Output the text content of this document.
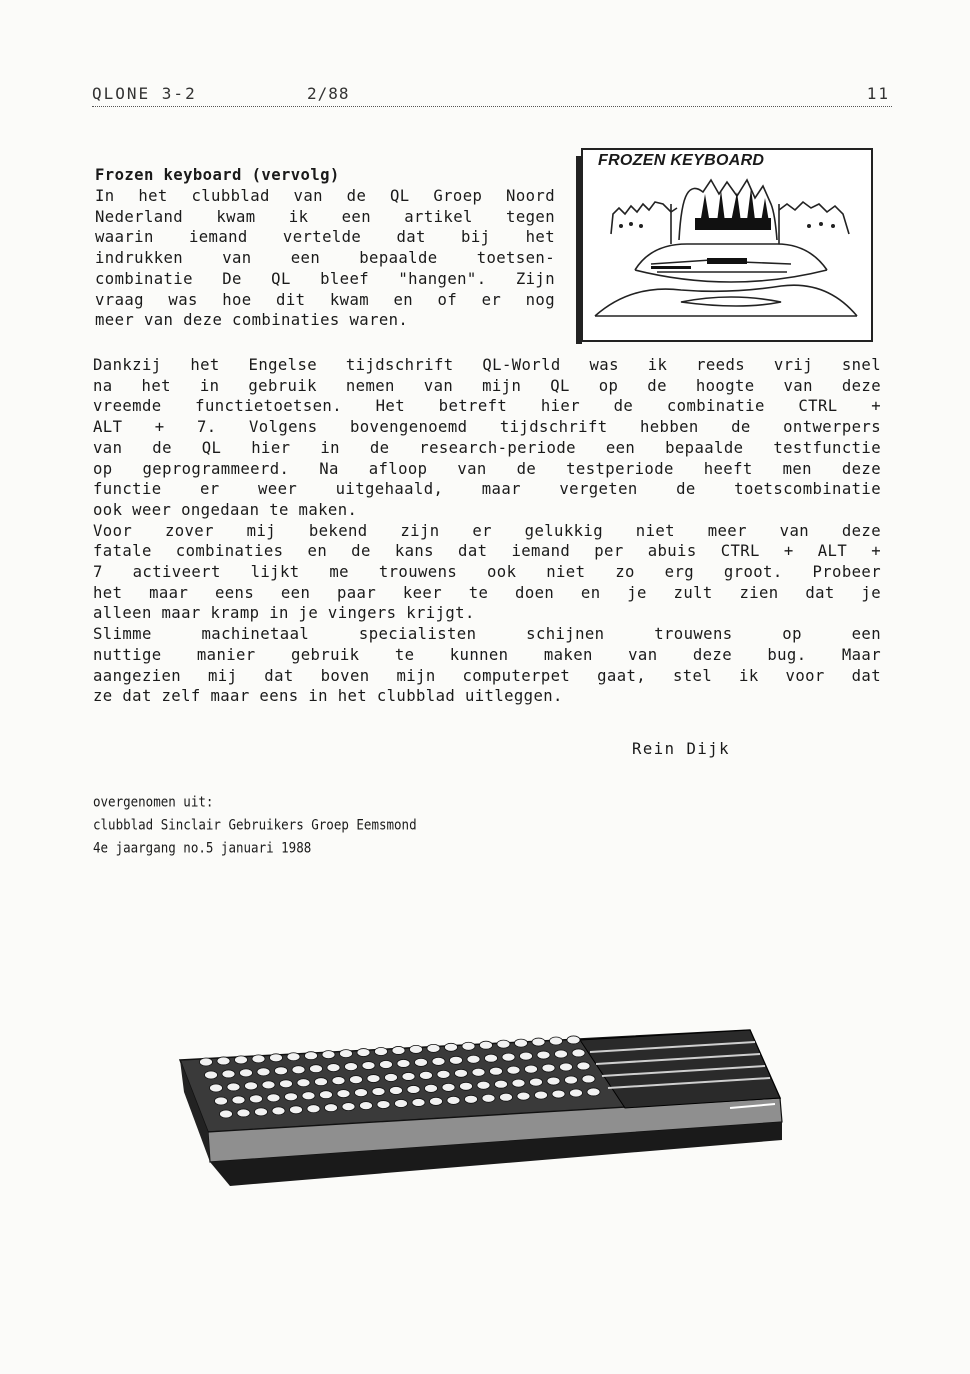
QLONE 3-2	2/88	11
Frozen keyboard (vervolg)

In het clubblad van de QL Groep Noord

Nederland kwam ik een artikel tegen

waarin iemand vertelde dat bij het

indrukken van een bepaalde toetsen-

combinatie De QL bleef "hangen". Zijn

vraag was hoe dit kwam en of er nog

meer van deze combinaties waren.

FROZEN KEYBOARD

Dankzij het Engelse tijdschrift QL-World was ik reeds vrij snel

na het in gebruik nemen van mijn QL op de hoogte van deze

vreemde functietoetsen. Het betreft hier de combinatie CTRL +

ALT + 7. Volgens bovengenoemd tijdschrift hebben de ontwerpers

van de QL hier in de research-periode een bepaalde testfunctie

op geprogrammeerd. Na afloop van de testperiode heeft men deze

functie er weer uitgehaald, maar vergeten de toetscombinatie

ook weer ongedaan te maken.

Voor zover mij bekend zijn er gelukkig niet meer van deze

fatale combinaties en de kans dat iemand per abuis CTRL + ALT +

7 activeert lijkt me trouwens ook niet zo erg groot. Probeer

het maar eens een paar keer te doen en je zult zien dat je

alleen maar kramp in je vingers krijgt.

Slimme machinetaal specialisten schijnen trouwens op een

nuttige manier gebruik te kunnen maken van deze bug. Maar

aangezien mij dat boven mijn computerpet gaat, stel ik voor dat

ze dat zelf maar eens in het clubblad uitleggen.

Rein Dijk
overgenomen uit:
clubblad Sinclair Gebruikers Groep Eemsmond
4e jaargang no.5 januari 1988
